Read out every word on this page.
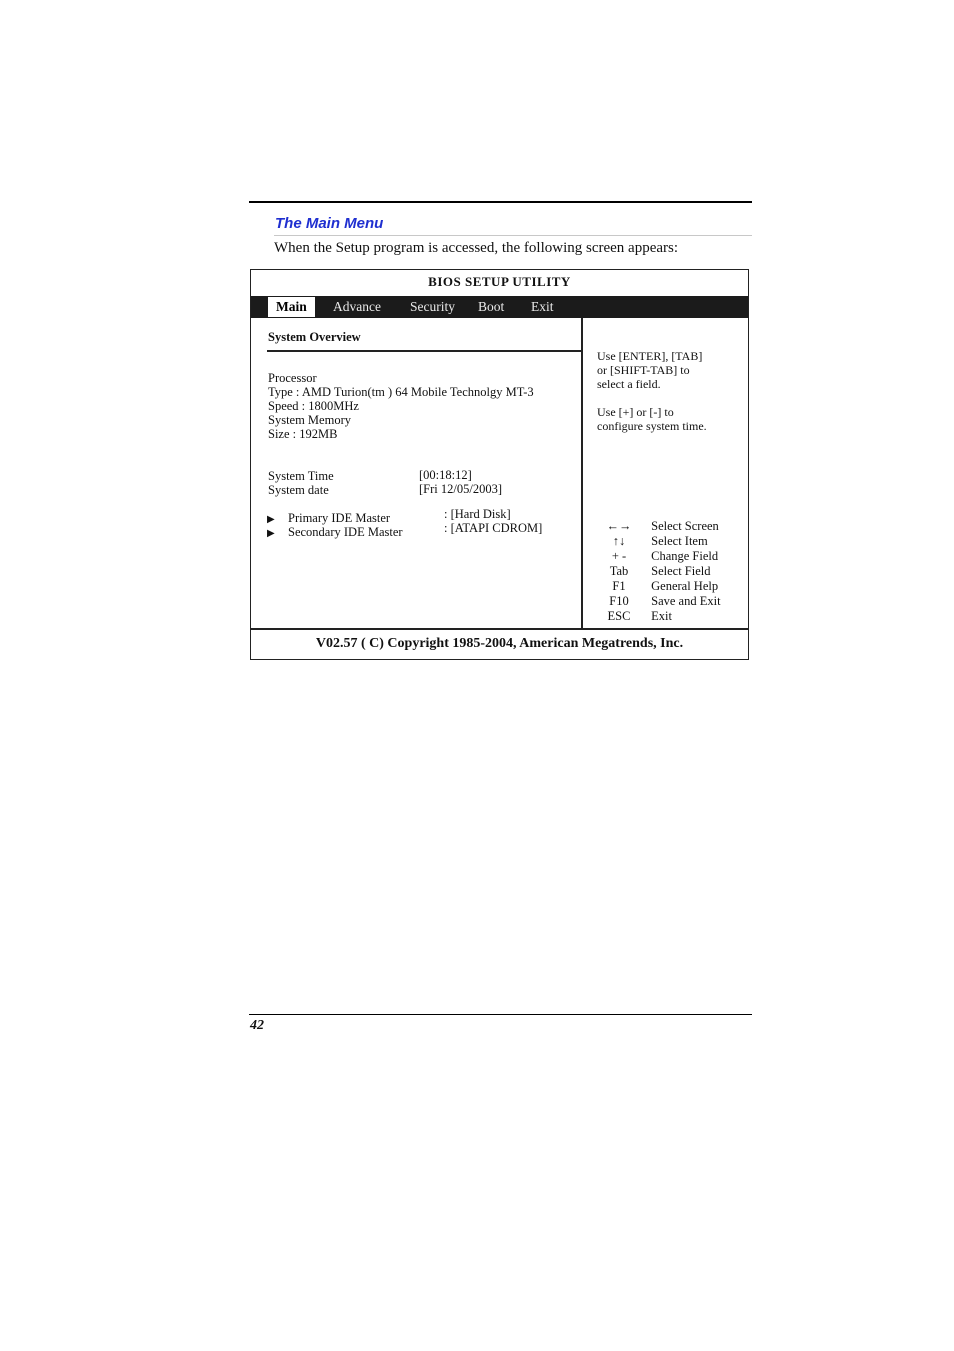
The Main Menu
When the Setup program is accessed, the following screen appears:
BIOS SETUP UTILITY
Main	Advance Security Boot Exit
System Overview
Processor
Type : AMD Turion(tm ) 64 Mobile Technolgy MT-3
Speed : 1800MHz
System Memory
Size : 192MB
System Time	[00:18:12]
System date	[Fri 12/05/2003]
▶ Primary IDE Master	: [Hard Disk]
▶ Secondary IDE Master	: [ATAPI CDROM]
Use [ENTER], [TAB]
or [SHIFT-TAB] to
select a field.
Use [+] or [-] to
configure system time.
←→ Select Screen
↑↓ Select Item
+ - Change Field
Tab Select Field
F1 General Help
F10 Save and Exit
ESC Exit
V02.57 ( C) Copyright 1985-2004, American Megatrends, Inc.
42
